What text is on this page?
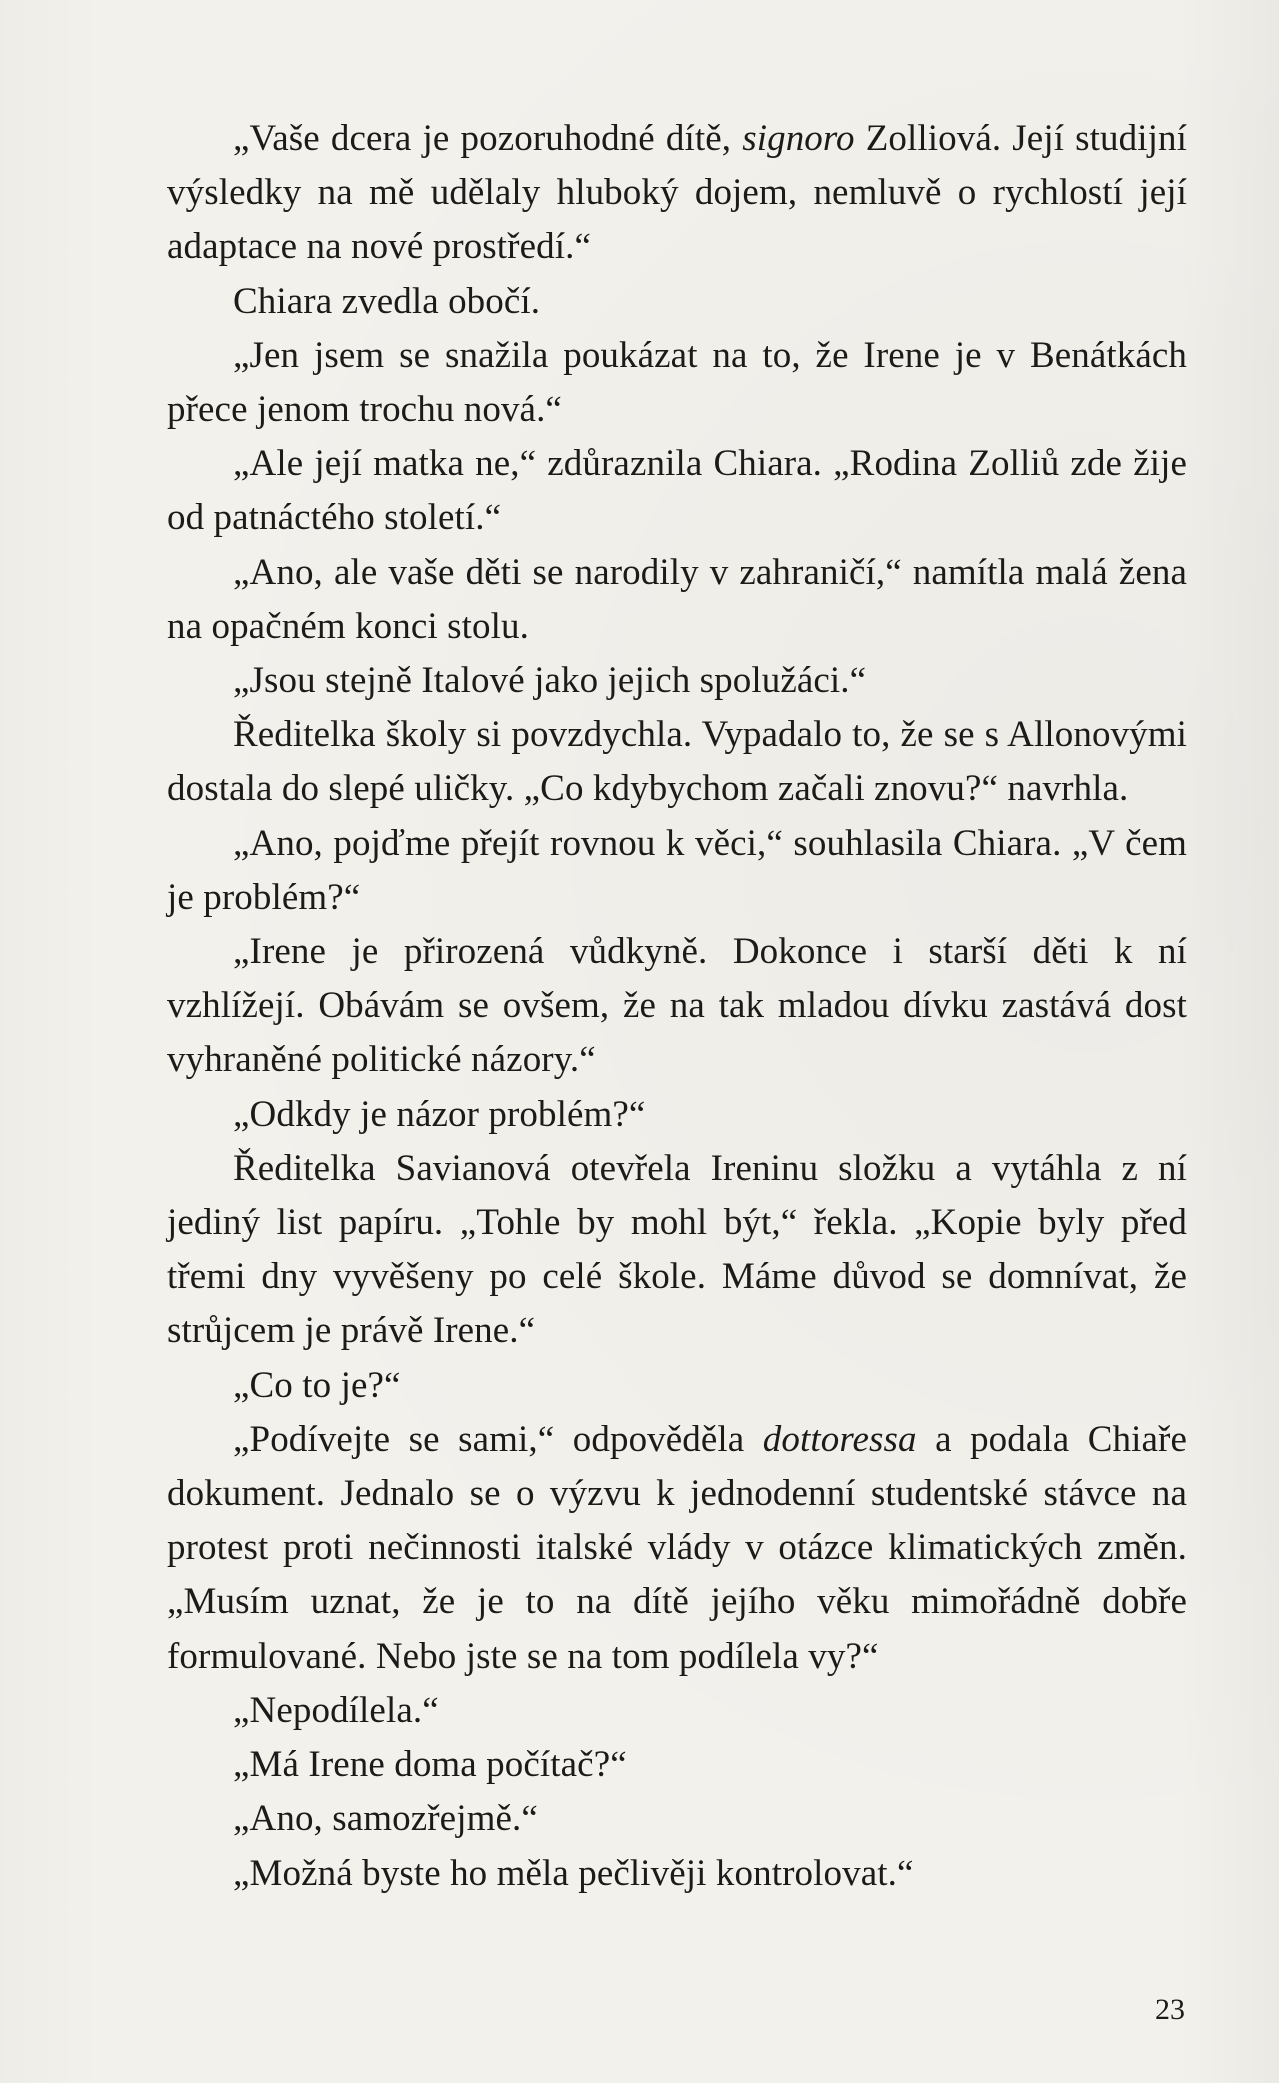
„Vaše dcera je pozoruhodné dítě, signoro Zolliová. Její studijní výsledky na mě udělaly hluboký dojem, nemluvě o rychlostí její adaptace na nové prostředí.“

Chiara zvedla obočí.

„Jen jsem se snažila poukázat na to, že Irene je v Benátkách přece jenom trochu nová.“

„Ale její matka ne,“ zdůraznila Chiara. „Rodina Zolliů zde žije od patnáctého století.“

„Ano, ale vaše děti se narodily v zahraničí,“ namítla malá žena na opačném konci stolu.

„Jsou stejně Italové jako jejich spolužáci.“

Ředitelka školy si povzdychla. Vypadalo to, že se s Allonovými dostala do slepé uličky. „Co kdybychom začali znovu?“ navrhla.

„Ano, pojďme přejít rovnou k věci,“ souhlasila Chiara. „V čem je problém?“

„Irene je přirozená vůdkyně. Dokonce i starší děti k ní vzhlížejí. Obávám se ovšem, že na tak mladou dívku zastává dost vyhraněné politické názory.“

„Odkdy je názor problém?“

Ředitelka Savianová otevřela Ireninu složku a vytáhla z ní jediný list papíru. „Tohle by mohl být,“ řekla. „Kopie byly před třemi dny vyvěšeny po celé škole. Máme důvod se domnívat, že strůjcem je právě Irene.“

„Co to je?“

„Podívejte se sami,“ odpověděla dottoressa a podala Chiaře dokument. Jednalo se o výzvu k jednodenní studentské stávce na protest proti nečinnosti italské vlády v otázce klimatických změn. „Musím uznat, že je to na dítě jejího věku mimořádně dobře formulované. Nebo jste se na tom podílela vy?“

„Nepodílela.“

„Má Irene doma počítač?“

„Ano, samozřejmě.“

„Možná byste ho měla pečlivěji kontrolovat.“

23
